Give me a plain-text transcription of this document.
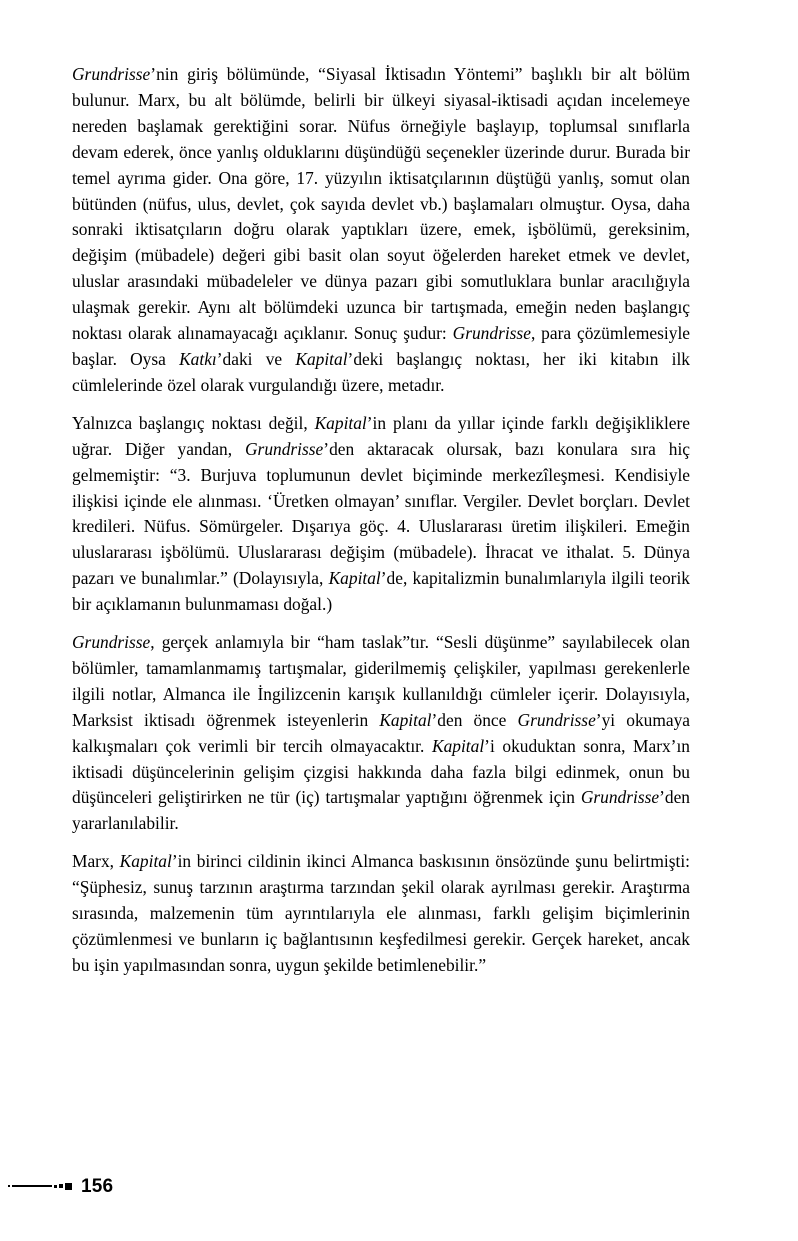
Grundrisse’nin giriş bölümünde, “Siyasal İktisadın Yöntemi” başlıklı bir alt bölüm bulunur. Marx, bu alt bölümde, belirli bir ülkeyi siyasal-iktisadi açıdan incelemeye nereden başlamak gerektiğini sorar. Nüfus örneğiyle başlayıp, toplumsal sınıflarla devam ederek, önce yanlış olduklarını düşündüğü seçenekler üzerinde durur. Burada bir temel ayrıma gider. Ona göre, 17. yüzyılın iktisatçılarının düştüğü yanlış, somut olan bütünden (nüfus, ulus, devlet, çok sayıda devlet vb.) başlamaları olmuştur. Oysa, daha sonraki iktisatçıların doğru olarak yaptıkları üzere, emek, işbölümü, gereksinim, değişim (mübadele) değeri gibi basit olan soyut öğelerden hareket etmek ve devlet, uluslar arasındaki mübadeleler ve dünya pazarı gibi somutluklara bunlar aracılığıyla ulaşmak gerekir. Aynı alt bölümdeki uzunca bir tartışmada, emeğin neden başlangıç noktası olarak alınamayacağı açıklanır. Sonuç şudur: Grundrisse, para çözümlemesiyle başlar. Oysa Katkı’daki ve Kapital’deki başlangıç noktası, her iki kitabın ilk cümlelerinde özel olarak vurgulandığı üzere, metadır.

Yalnızca başlangıç noktası değil, Kapital’in planı da yıllar içinde farklı değişikliklere uğrar. Diğer yandan, Grundrisse’den aktaracak olursak, bazı konulara sıra hiç gelmemiştir: “3. Burjuva toplumunun devlet biçiminde merkezîleşmesi. Kendisiyle ilişkisi içinde ele alınması. ‘Üretken olmayan’ sınıflar. Vergiler. Devlet borçları. Devlet kredileri. Nüfus. Sömürgeler. Dışarıya göç. 4. Uluslararası üretim ilişkileri. Emeğin uluslararası işbölümü. Uluslararası değişim (mübadele). İhracat ve ithalat. 5. Dünya pazarı ve bunalımlar.” (Dolayısıyla, Kapital’de, kapitalizmin bunalımlarıyla ilgili teorik bir açıklamanın bulunmaması doğal.)

Grundrisse, gerçek anlamıyla bir “ham taslak”tır. “Sesli düşünme” sayılabilecek olan bölümler, tamamlanmamış tartışmalar, giderilmemiş çelişkiler, yapılması gerekenlerle ilgili notlar, Almanca ile İngilizcenin karışık kullanıldığı cümleler içerir. Dolayısıyla, Marksist iktisadı öğrenmek isteyenlerin Kapital’den önce Grundrisse’yi okumaya kalkışmaları çok verimli bir tercih olmayacaktır. Kapital’i okuduktan sonra, Marx’ın iktisadi düşüncelerinin gelişim çizgisi hakkında daha fazla bilgi edinmek, onun bu düşünceleri geliştirirken ne tür (iç) tartışmalar yaptığını öğrenmek için Grundrisse’den yararlanılabilir.

Marx, Kapital’in birinci cildinin ikinci Almanca baskısının önsözünde şunu belirtmişti: “Şüphesiz, sunuş tarzının araştırma tarzından şekil olarak ayrılması gerekir. Araştırma sırasında, malzemenin tüm ayrıntılarıyla ele alınması, farklı gelişim biçimlerinin çözümlenmesi ve bunların iç bağlantısının keşfedilmesi gerekir. Gerçek hareket, ancak bu işin yapılmasından sonra, uygun şekilde betimlenebilir.”

156
